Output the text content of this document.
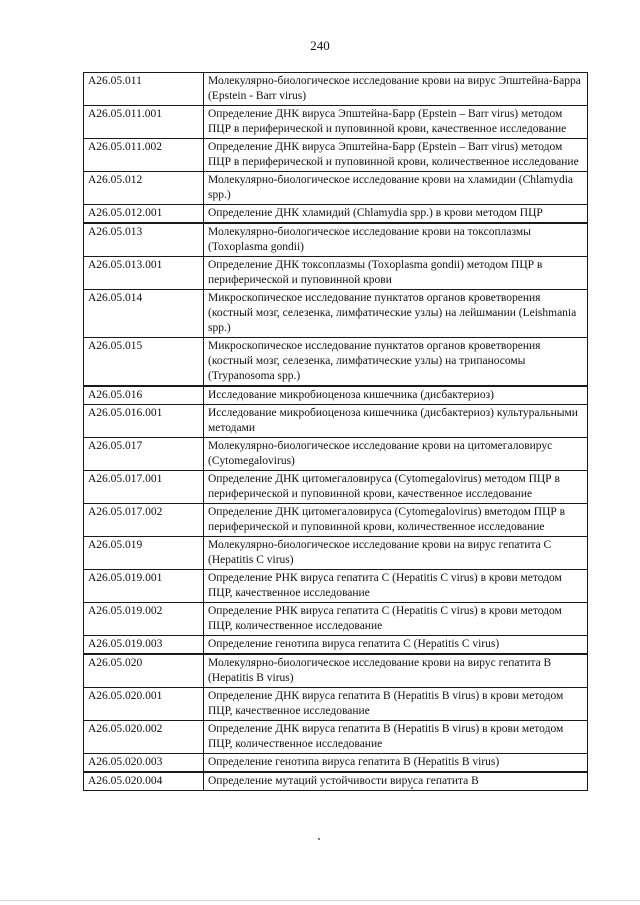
240
A26.05.011	Молекулярно-биологическое исследование крови на вирус Эпштейна-Барра (Epstein - Barr virus)
A26.05.011.001	Определение ДНК вируса Эпштейна-Барр (Epstein – Barr virus) методом ПЦР в периферической и пуповинной крови, качественное исследование
A26.05.011.002	Определение ДНК вируса Эпштейна-Барр (Epstein – Barr virus) методом ПЦР в периферической и пуповинной крови, количественное исследование
A26.05.012	Молекулярно-биологическое исследование крови на хламидии (Chlamydia spp.)
A26.05.012.001	Определение ДНК хламидий (Chlamydia spp.) в крови методом ПЦР
A26.05.013	Молекулярно-биологическое исследование крови на токсоплазмы (Toxoplasma gondii)
A26.05.013.001	Определение ДНК токсоплазмы (Toxoplasma gondii) методом ПЦР в периферической и пуповинной крови
A26.05.014	Микроскопическое исследование пунктатов органов кроветворения (костный мозг, селезенка, лимфатические узлы) на лейшмании (Leishmania spp.)
A26.05.015	Микроскопическое исследование пунктатов органов кроветворения (костный мозг, селезенка, лимфатические узлы) на трипаносомы (Trypanosoma spp.)
A26.05.016	Исследование микробиоценоза кишечника (дисбактериоз)
A26.05.016.001	Исследование микробиоценоза кишечника (дисбактериоз) культуральными методами
A26.05.017	Молекулярно-биологическое исследование крови на цитомегаловирус (Cytomegalovirus)
A26.05.017.001	Определение ДНК цитомегаловируса (Cytomegalovirus) методом ПЦР в периферической и пуповинной крови, качественное исследование
A26.05.017.002	Определение ДНК цитомегаловируса (Cytomegalovirus) вметодом ПЦР в периферической и пуповинной крови, количественное исследование
A26.05.019	Молекулярно-биологическое исследование крови на вирус гепатита C (Hepatitis C virus)
A26.05.019.001	Определение РНК вируса гепатита C (Hepatitis C virus) в крови методом ПЦР, качественное исследование
A26.05.019.002	Определение РНК вируса гепатита C (Hepatitis C virus) в крови методом ПЦР, количественное исследование
A26.05.019.003	Определение генотипа вируса гепатита C (Hepatitis C virus)
A26.05.020	Молекулярно-биологическое исследование крови на вирус гепатита B (Hepatitis B virus)
A26.05.020.001	Определение ДНК вируса гепатита B (Hepatitis B virus) в крови методом ПЦР, качественное исследование
A26.05.020.002	Определение ДНК вируса гепатита B (Hepatitis B virus) в крови методом ПЦР, количественное исследование
A26.05.020.003	Определение генотипа вируса гепатита B (Hepatitis B virus)
A26.05.020.004	Определение мутаций устойчивости вируса гепатита B
